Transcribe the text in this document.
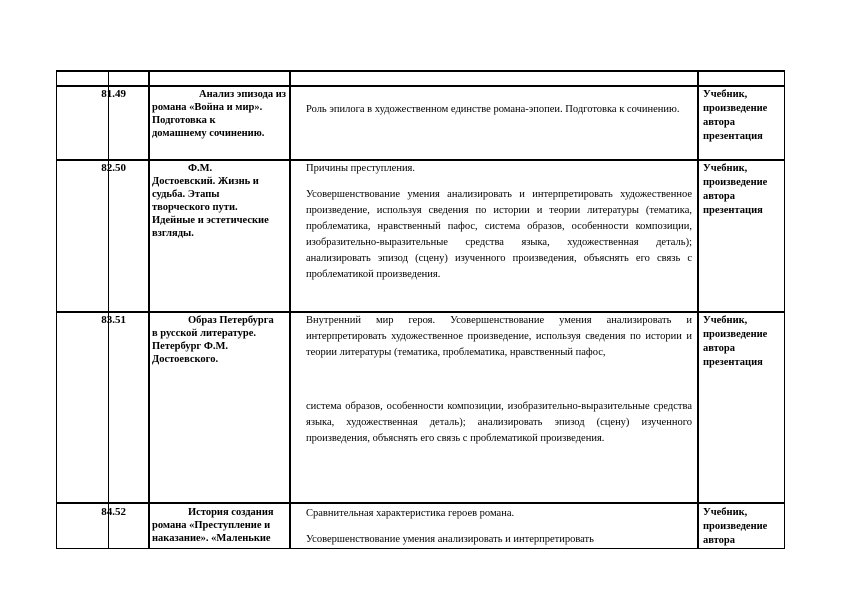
81.49	Анализ эпизода из
романа «Война и мир».
Подготовка к
домашнему сочинению.

Роль эпилога в художественном единстве романа-эпопеи. Подготовка к сочинению.

Учебник,
произведение
автора
презентация
82.50	Ф.М.
Достоевский. Жизнь и
судьба. Этапы
творческого пути.
Идейные и эстетические
взгляды.

Причины преступления.

Усовершенствование умения анализировать и интерпретировать художественное произведение, используя сведения по истории и теории литературы (тематика, проблематика, нравственный пафос, система образов, особенности композиции, изобразительно-выразительные средства языка, художественная деталь); анализировать эпизод (сцену) изученного произведения, объяснять его связь с проблематикой произведения.

Учебник,
произведение
автора
презентация
83.51	Образ Петербурга
в русской литературе.
Петербург Ф.М.
Достоевского.

Внутренний мир героя. Усовершенствование умения анализировать и интерпретировать художественное произведение, используя сведения по истории и теории литературы (тематика, проблематика, нравственный пафос,

система образов, особенности композиции, изобразительно-выразительные средства языка, художественная деталь); анализировать эпизод (сцену) изученного произведения, объяснять его связь с проблематикой произведения.

Учебник,
произведение
автора
презентация
84.52	История создания
романа «Преступление и
наказание». «Маленькие

Сравнительная характеристика героев романа.

Усовершенствование умения анализировать и интерпретировать

Учебник,
произведение
автора
